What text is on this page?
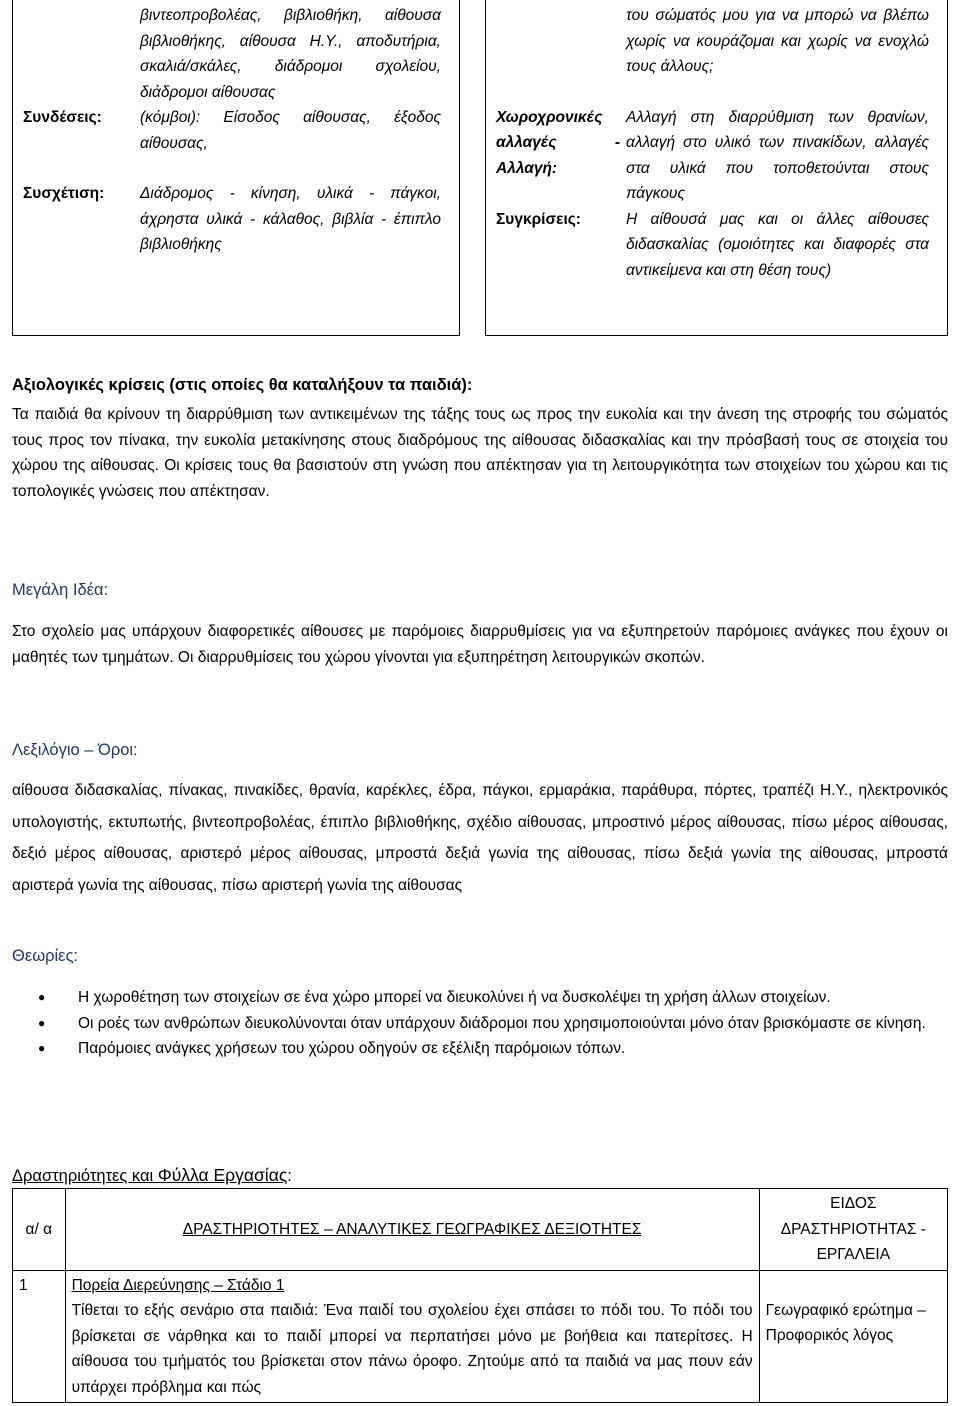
βιντεοπροβολέας, βιβλιοθήκη, αίθουσα βιβλιοθήκης, αίθουσα Η.Υ., αποδυτήρια, σκαλιά/σκάλες, διάδρομοι σχολείου, διάδρομοι αίθουσας
Συνδέσεις:	(κόμβοι): Είσοδος αίθουσας, έξοδος αίθουσας,
Συσχέτιση:	Διάδρομος - κίνηση, υλικά - πάγκοι, άχρηστα υλικά - κάλαθος, βιβλία - έπιπλο βιβλιοθήκης
του σώματός μου για να μπορώ να βλέπω χωρίς να κουράζομαι και χωρίς να ενοχλώ τους άλλους;
Χωροχρονικές αλλαγές - Αλλαγή:
Αλλαγή στη διαρρύθμιση των θρανίων, αλλαγή στο υλικό των πινακίδων, αλλαγές στα υλικά που τοποθετούνται στους πάγκους
Συγκρίσεις:	Η αίθουσά μας και οι άλλες αίθουσες διδασκαλίας (ομοιότητες και διαφορές στα αντικείμενα και στη θέση τους)
Αξιολογικές κρίσεις (στις οποίες θα καταλήξουν τα παιδιά):

Τα παιδιά θα κρίνουν τη διαρρύθμιση των αντικειμένων της τάξης τους ως προς την ευκολία και την άνεση της στροφής του σώματός τους προς τον πίνακα, την ευκολία μετακίνησης στους διαδρόμους της αίθουσας διδασκαλίας και την πρόσβασή τους σε στοιχεία του χώρου της αίθουσας. Οι κρίσεις τους θα βασιστούν στη γνώση που απέκτησαν για τη λειτουργικότητα των στοιχείων του χώρου και τις τοπολογικές γνώσεις που απέκτησαν.

Μεγάλη Ιδέα:

Στο σχολείο μας υπάρχουν διαφορετικές αίθουσες με παρόμοιες διαρρυθμίσεις για να εξυπηρετούν παρόμοιες ανάγκες που έχουν οι μαθητές των τμημάτων. Οι διαρρυθμίσεις του χώρου γίνονται για εξυπηρέτηση λειτουργικών σκοπών.

Λεξιλόγιο – Όροι:

αίθουσα διδασκαλίας, πίνακας, πινακίδες, θρανία, καρέκλες, έδρα, πάγκοι, ερμαράκια, παράθυρα, πόρτες, τραπέζι Η.Υ., ηλεκτρονικός υπολογιστής, εκτυπωτής, βιντεοπροβολέας, έπιπλο βιβλιοθήκης, σχέδιο αίθουσας, μπροστινό μέρος αίθουσας, πίσω μέρος αίθουσας, δεξιό μέρος αίθουσας, αριστερό μέρος αίθουσας, μπροστά δεξιά γωνία της αίθουσας, πίσω δεξιά γωνία της αίθουσας, μπροστά αριστερά γωνία της αίθουσας, πίσω αριστερή γωνία της αίθουσας

Θεωρίες:
● Η χωροθέτηση των στοιχείων σε ένα χώρο μπορεί να διευκολύνει ή να δυσκολέψει τη χρήση άλλων στοιχείων.
● Οι ροές των ανθρώπων διευκολύνονται όταν υπάρχουν διάδρομοι που χρησιμοποιούνται μόνο όταν βρισκόμαστε σε κίνηση.
● Παρόμοιες ανάγκες χρήσεων του χώρου οδηγούν σε εξέλιξη παρόμοιων τόπων.
Δραστηριότητες και Φύλλα Εργασίας:
α/ α	ΔΡΑΣΤΗΡΙΟΤΗΤΕΣ – ΑΝΑΛΥΤΙΚΕΣ ΓΕΩΓΡΑΦΙΚΕΣ ΔΕΞΙΟΤΗΤΕΣ	ΕΙΔΟΣ ΔΡΑΣΤΗΡΙΟΤΗΤΑΣ - ΕΡΓΑΛΕΙΑ
1	Πορεία Διερεύνησης – Στάδιο 1
Τίθεται το εξής σενάριο στα παιδιά: Ένα παιδί του σχολείου έχει σπάσει το πόδι του. Το πόδι του βρίσκεται σε νάρθηκα και το παιδί μπορεί να περπατήσει μόνο με βοήθεια και πατερίτσες. Η αίθουσα του τμήματός του βρίσκεται στον πάνω όροφο. Ζητούμε από τα παιδιά να μας πουν εάν υπάρχει πρόβλημα και πώς	Γεωγραφικό ερώτημα – Προφορικός λόγος
